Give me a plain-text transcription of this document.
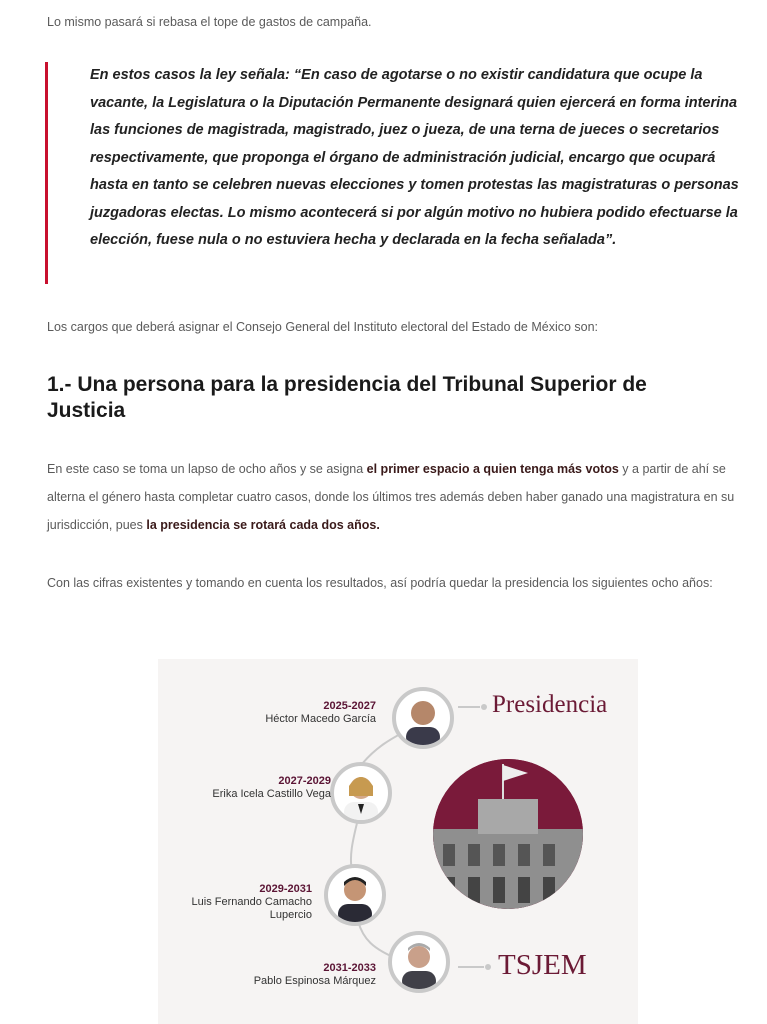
Lo mismo pasará si rebasa el tope de gastos de campaña.

En estos casos la ley señala: “En caso de agotarse o no existir candidatura que ocupe la vacante, la Legislatura o la Diputación Permanente designará quien ejercerá en forma interina las funciones de magistrada, magistrado, juez o jueza, de una terna de jueces o secretarios respectivamente, que proponga el órgano de administración judicial, encargo que ocupará hasta en tanto se celebren nuevas elecciones y tomen protestas las magistraturas o personas juzgadoras electas. Lo mismo acontecerá si por algún motivo no hubiera podido efectuarse la elección, fuese nula o no estuviera hecha y declarada en la fecha señalada”.

Los cargos que deberá asignar el Consejo General del Instituto electoral del Estado de México son:

1.- Una persona para la presidencia del Tribunal Superior de Justicia

En este caso se toma un lapso de ocho años y se asigna el primer espacio a quien tenga más votos y a partir de ahí se alterna el género hasta completar cuatro casos, donde los últimos tres además deben haber ganado una magistratura en su jurisdicción, pues la presidencia se rotará cada dos años.

Con las cifras existentes y tomando en cuenta los resultados, así podría quedar la presidencia los siguientes ocho años:

Presidencia
TSJEM
2025-2027
Héctor Macedo García
2027-2029
Erika Icela Castillo Vega
2029-2031
Luis Fernando Camacho
Lupercio
2031-2033
Pablo Espinosa Márquez
